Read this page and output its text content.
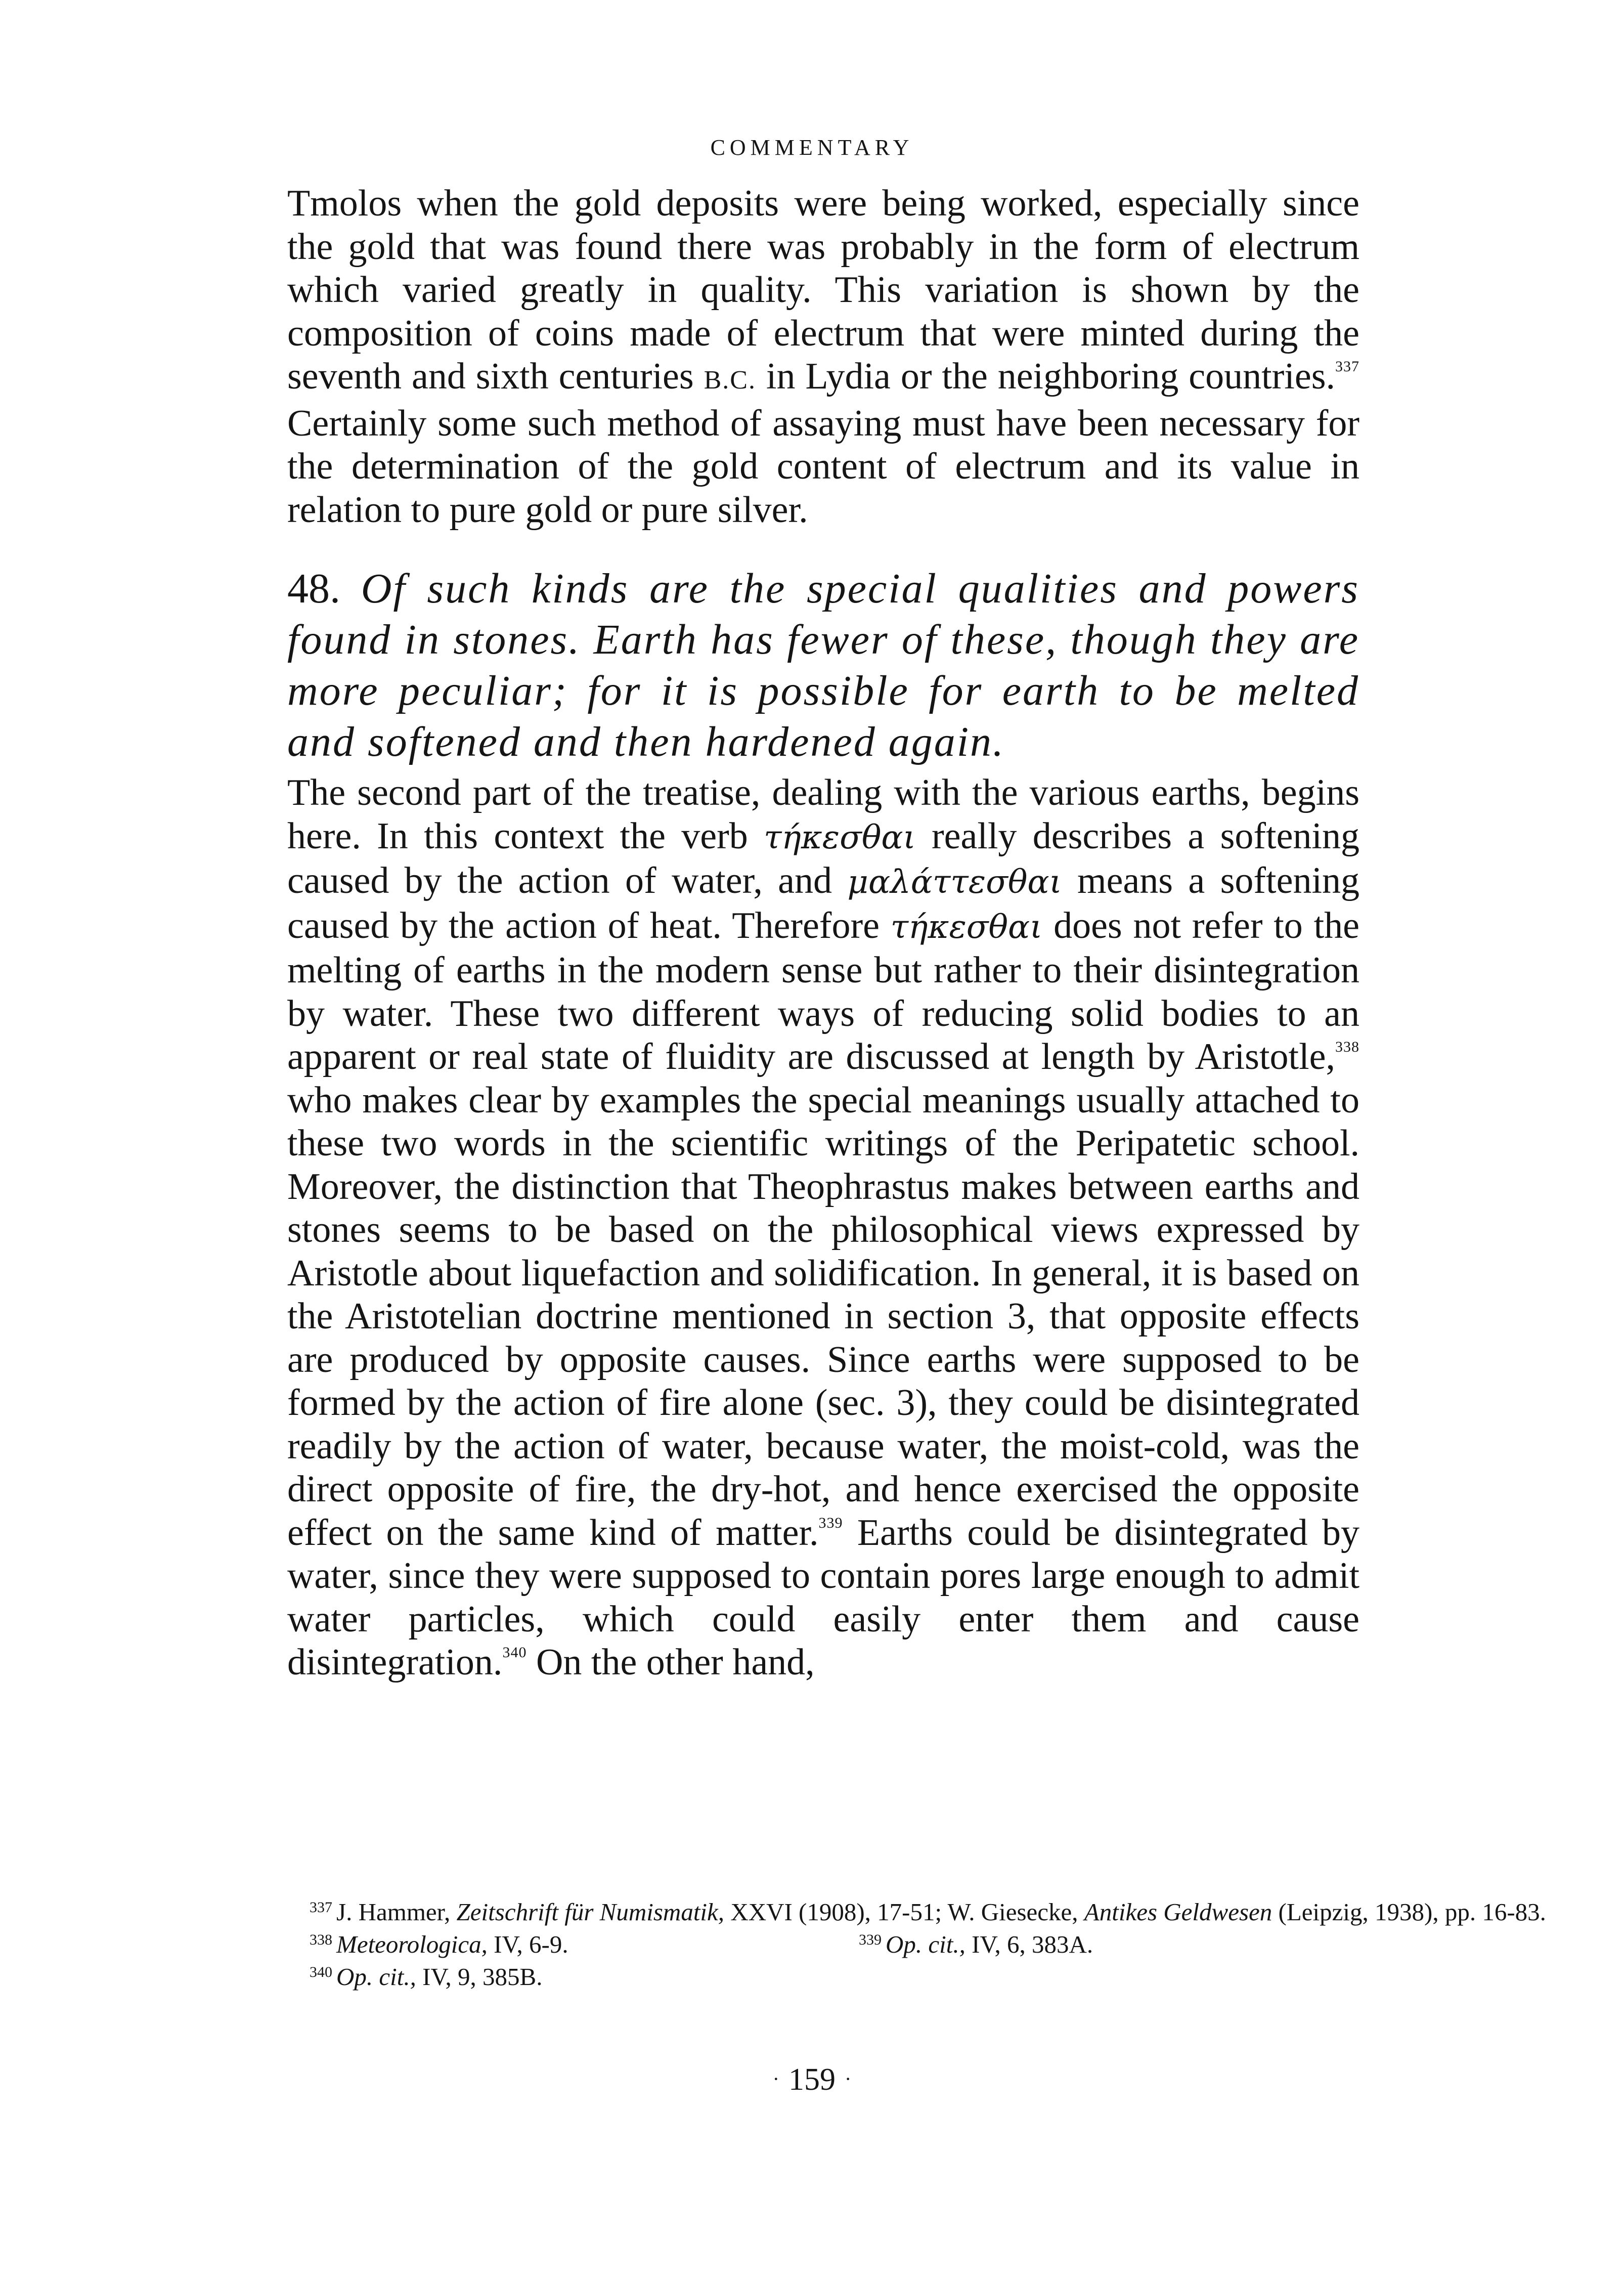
COMMENTARY

Tmolos when the gold deposits were being worked, especially since the gold that was found there was probably in the form of electrum which varied greatly in quality. This variation is shown by the composition of coins made of electrum that were minted during the seventh and sixth centuries B.C. in Lydia or the neighboring countries.$^{337}$ Certainly some such method of assaying must have been necessary for the determination of the gold content of electrum and its value in relation to pure gold or pure silver.

48. Of such kinds are the special qualities and powers found in stones. Earth has fewer of these, though they are more peculiar; for it is possible for earth to be melted and softened and then hardened again.

The second part of the treatise, dealing with the various earths, begins here. In this context the verb τήκεσθαι really describes a softening caused by the action of water, and μαλάττεσθαι means a softening caused by the action of heat. Therefore τήκεσθαι does not refer to the melting of earths in the modern sense but rather to their disintegration by water. These two different ways of reducing solid bodies to an apparent or real state of fluidity are discussed at length by Aristotle,$^{338}$ who makes clear by examples the special meanings usually attached to these two words in the scientific writings of the Peripatetic school. Moreover, the distinction that Theophrastus makes between earths and stones seems to be based on the philosophical views expressed by Aristotle about liquefaction and solidification. In general, it is based on the Aristotelian doctrine mentioned in section 3, that opposite effects are produced by opposite causes. Since earths were supposed to be formed by the action of fire alone (sec. 3), they could be disintegrated readily by the action of water, because water, the moist-cold, was the direct opposite of fire, the dry-hot, and hence exercised the opposite effect on the same kind of matter.$^{339}$ Earths could be disintegrated by water, since they were supposed to contain pores large enough to admit water particles, which could easily enter them and cause disintegration.$^{340}$ On the other hand,

$^{337}$ J. Hammer, Zeitschrift für Numismatik, XXVI (1908), 17-51; W. Giesecke, Antikes Geldwesen (Leipzig, 1938), pp. 16-83.
$^{338}$ Meteorologica, IV, 6-9.	$^{339}$ Op. cit., IV, 6, 383A.
$^{340}$ Op. cit., IV, 9, 385B.
· 159 ·
